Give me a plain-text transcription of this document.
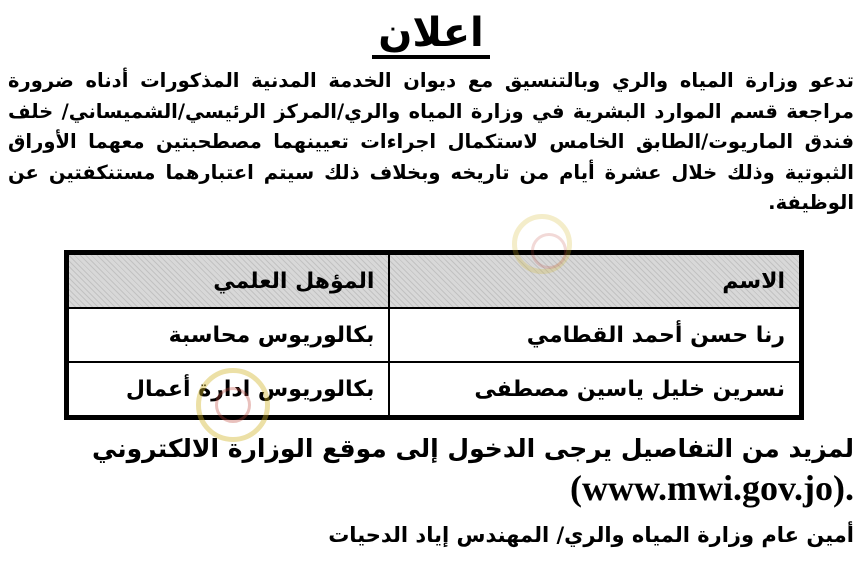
اعلان
تدعو وزارة المياه والري وبالتنسيق مع ديوان الخدمة المدنية المذكورات أدناه ضرورة مراجعة قسم الموارد البشرية في وزارة المياه والري/المركز الرئيسي/الشميساني/ خلف فندق الماريوت/الطابق الخامس لاستكمال اجراءات تعيينهما مصطحبتين معهما الأوراق الثبوتية وذلك خلال عشرة أيام من تاريخه وبخلاف ذلك سيتم اعتبارهما مستنكفتين عن الوظيفة.
الاسم	المؤهل العلمي
رنا حسن أحمد القطامي	بكالوريوس محاسبة
نسرين خليل ياسين مصطفى	بكالوريوس ادارة أعمال
لمزيد من التفاصيل يرجى الدخول إلى موقع الوزارة الالكتروني
(www.mwi.gov.jo).
أمين عام وزارة المياه والري/ المهندس إياد الدحيات
